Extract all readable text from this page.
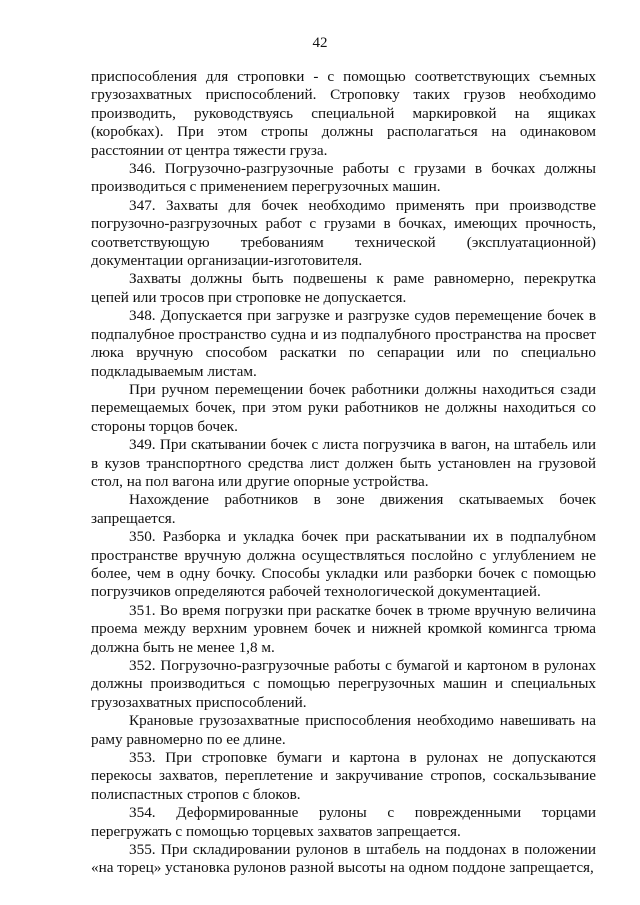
42

приспособления для строповки - с помощью соответствующих съемных грузозахватных приспособлений. Строповку таких грузов необходимо производить, руководствуясь специальной маркировкой на ящиках (коробках). При этом стропы должны располагаться на одинаковом расстоянии от центра тяжести груза.

346. Погрузочно-разгрузочные работы с грузами в бочках должны производиться с применением перегрузочных машин.

347. Захваты для бочек необходимо применять при производстве погрузочно-разгрузочных работ с грузами в бочках, имеющих прочность, соответствующую требованиям технической (эксплуатационной) документации организации-изготовителя.

Захваты должны быть подвешены к раме равномерно, перекрутка цепей или тросов при строповке не допускается.

348. Допускается при загрузке и разгрузке судов перемещение бочек в подпалубное пространство судна и из подпалубного пространства на просвет люка вручную способом раскатки по сепарации или по специально подкладываемым листам.

При ручном перемещении бочек работники должны находиться сзади перемещаемых бочек, при этом руки работников не должны находиться со стороны торцов бочек.

349. При скатывании бочек с листа погрузчика в вагон, на штабель или в кузов транспортного средства лист должен быть установлен на грузовой стол, на пол вагона или другие опорные устройства.

Нахождение работников в зоне движения скатываемых бочек запрещается.

350. Разборка и укладка бочек при раскатывании их в подпалубном пространстве вручную должна осуществляться послойно с углублением не более, чем в одну бочку. Способы укладки или разборки бочек с помощью погрузчиков определяются рабочей технологической документацией.

351. Во время погрузки при раскатке бочек в трюме вручную величина проема между верхним уровнем бочек и нижней кромкой комингса трюма должна быть не менее 1,8 м.

352. Погрузочно-разгрузочные работы с бумагой и картоном в рулонах должны производиться с помощью перегрузочных машин и специальных грузозахватных приспособлений.

Крановые грузозахватные приспособления необходимо навешивать на раму равномерно по ее длине.

353. При строповке бумаги и картона в рулонах не допускаются перекосы захватов, переплетение и закручивание стропов, соскальзывание полиспастных стропов с блоков.

354. Деформированные рулоны с поврежденными торцами перегружать с помощью торцевых захватов запрещается.

355. При складировании рулонов в штабель на поддонах в положении «на торец» установка рулонов разной высоты на одном поддоне запрещается,
